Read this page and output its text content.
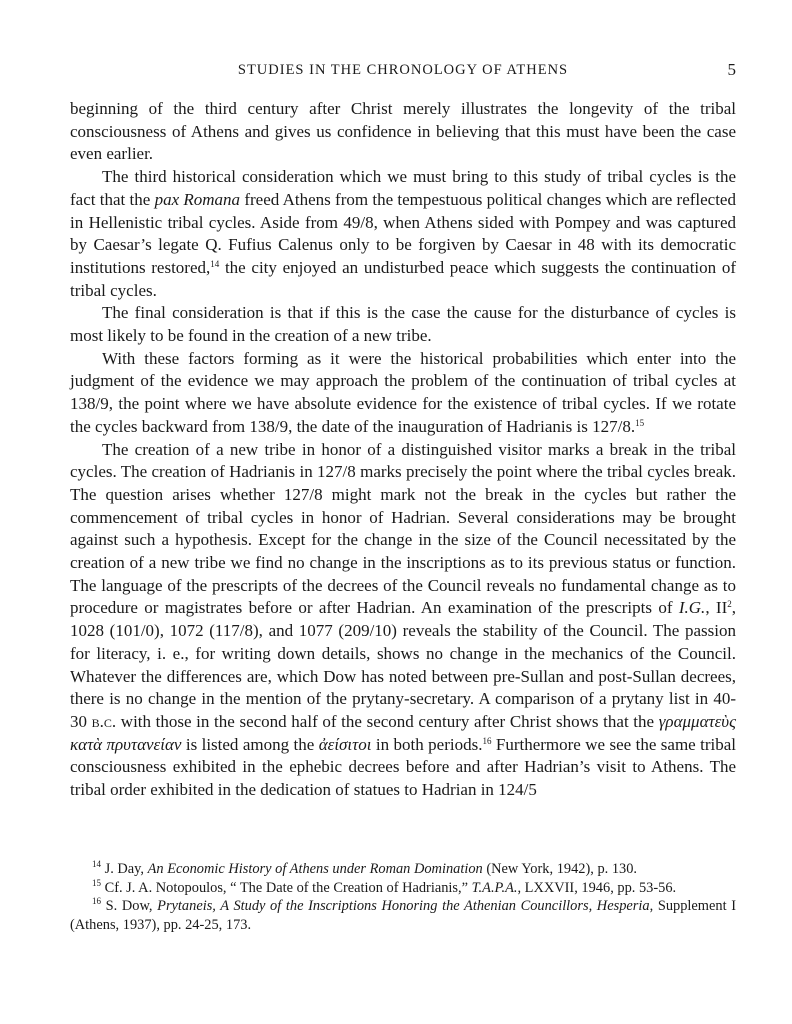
STUDIES IN THE CHRONOLOGY OF ATHENS	5

beginning of the third century after Christ merely illustrates the longevity of the tribal consciousness of Athens and gives us confidence in believing that this must have been the case even earlier.

The third historical consideration which we must bring to this study of tribal cycles is the fact that the pax Romana freed Athens from the tempestuous political changes which are reflected in Hellenistic tribal cycles. Aside from 49/8, when Athens sided with Pompey and was captured by Caesar’s legate Q. Fufius Calenus only to be forgiven by Caesar in 48 with its democratic institutions restored,$^{14}$ the city enjoyed an undisturbed peace which suggests the continuation of tribal cycles.

The final consideration is that if this is the case the cause for the disturbance of cycles is most likely to be found in the creation of a new tribe.

With these factors forming as it were the historical probabilities which enter into the judgment of the evidence we may approach the problem of the continuation of tribal cycles at 138/9, the point where we have absolute evidence for the existence of tribal cycles. If we rotate the cycles backward from 138/9, the date of the inauguration of Hadrianis is 127/8.15

The creation of a new tribe in honor of a distinguished visitor marks a break in the tribal cycles. The creation of Hadrianis in 127/8 marks precisely the point where the tribal cycles break. The question arises whether 127/8 might mark not the break in the cycles but rather the commencement of tribal cycles in honor of Hadrian. Several considerations may be brought against such a hypothesis. Except for the change in the size of the Council necessitated by the creation of a new tribe we find no change in the inscriptions as to its previous status or function. The language of the prescripts of the decrees of the Council reveals no fundamental change as to procedure or magistrates before or after Hadrian. An examination of the prescripts of I.G., $II^2$, 1028 (101/0), 1072 (117/8), and 1077 (209/10) reveals the stability of the Council. The passion for literacy, i. e., for writing down details, shows no change in the mechanics of the Council. Whatever the differences are, which Dow has noted between pre-Sullan and post-Sullan decrees, there is no change in the mention of the prytany-secretary. A comparison of a prytany list in 40-30 b.c. with those in the second half of the second century after Christ shows that the γραμματεὺς κατὰ πρυτανείαν is listed among the ἀείσιτοι in both periods.$^{16}$ Furthermore we see the same tribal consciousness exhibited in the ephebic decrees before and after Hadrian’s visit to Athens. The tribal order exhibited in the dedication of statues to Hadrian in 124/5

$^{14}$ J. Day, An Economic History of Athens under Roman Domination (New York, 1942), p. 130.

$^{15}$ Cf. J. A. Notopoulos, “ The Date of the Creation of Hadrianis,” T.A.P.A., LXXVII, 1946, pp. 53-56.

$^{16}$ S. Dow, Prytaneis, A Study of the Inscriptions Honoring the Athenian Councillors, Hesperia, Supplement I (Athens, 1937), pp. 24-25, 173.
